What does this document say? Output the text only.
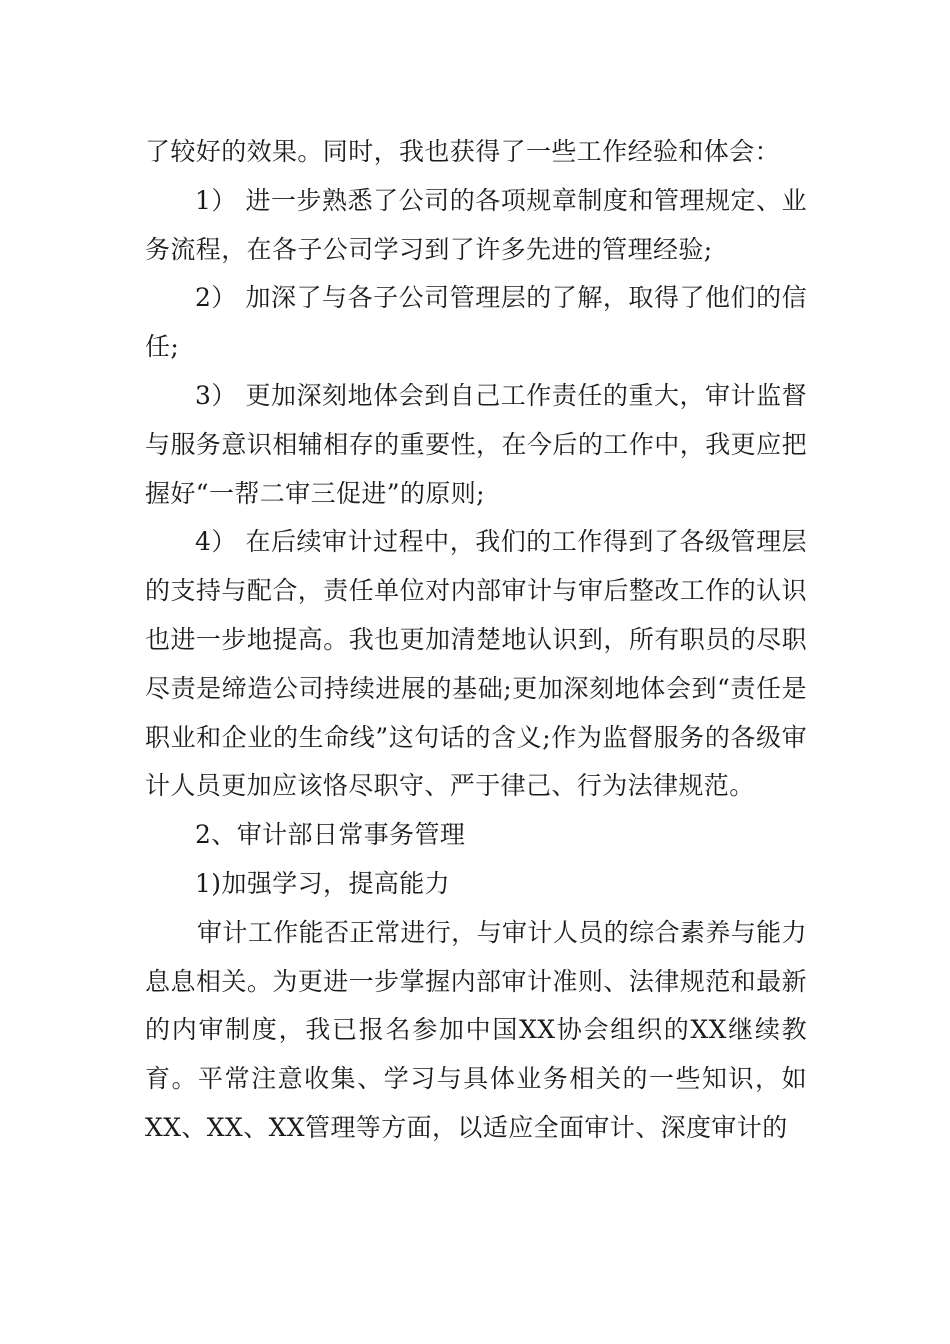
了较好的效果。同时，我也获得了一些工作经验和体会：

1） 进一步熟悉了公司的各项规章制度和管理规定、业务流程，在各子公司学习到了许多先进的管理经验;

2） 加深了与各子公司管理层的了解，取得了他们的信任;

3） 更加深刻地体会到自己工作责任的重大，审计监督与服务意识相辅相存的重要性，在今后的工作中，我更应把握好“一帮二审三促进”的原则;

4） 在后续审计过程中，我们的工作得到了各级管理层的支持与配合，责任单位对内部审计与审后整改工作的认识也进一步地提高。我也更加清楚地认识到，所有职员的尽职尽责是缔造公司持续进展的基础;更加深刻地体会到“责任是职业和企业的生命线”这句话的含义;作为监督服务的各级审计人员更加应该恪尽职守、严于律己、行为法律规范。

2、审计部日常事务管理

1)加强学习，提高能力

审计工作能否正常进行，与审计人员的综合素养与能力息息相关。为更进一步掌握内部审计准则、法律规范和最新的内审制度，我已报名参加中国XX协会组织的XX继续教育。平常注意收集、学习与具体业务相关的一些知识，如XX、XX、XX管理等方面，以适应全面审计、深度审计的
